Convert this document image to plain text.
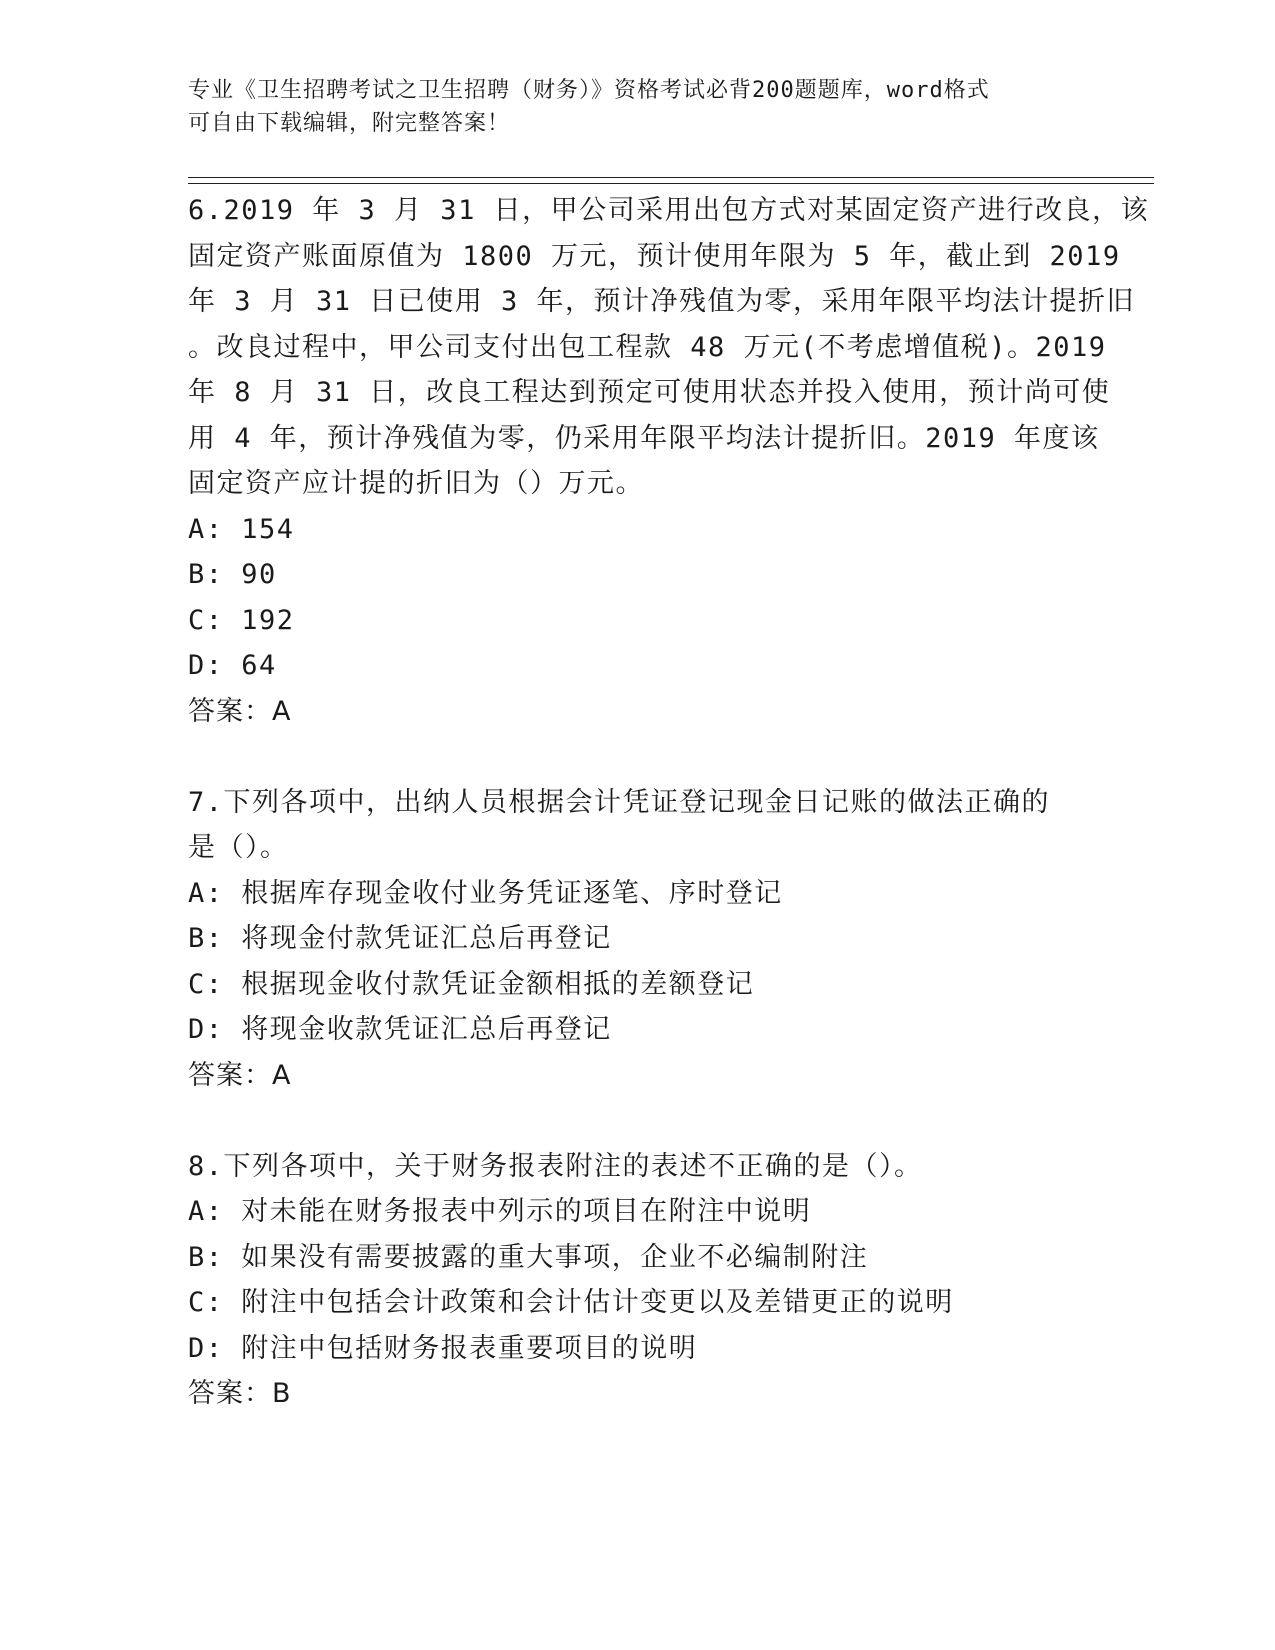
专业《卫生招聘考试之卫生招聘（财务）》资格考试必背200题题库，word格式
可自由下载编辑，附完整答案！
6.2019 年 3 月 31 日，甲公司采用出包方式对某固定资产进行改良，该
固定资产账面原值为 1800 万元，预计使用年限为 5 年，截止到 2019
年 3 月 31 日已使用 3 年，预计净残值为零，采用年限平均法计提折旧
。改良过程中，甲公司支付出包工程款 48 万元(不考虑增值税)。2019
年 8 月 31 日，改良工程达到预定可使用状态并投入使用，预计尚可使
用 4 年，预计净残值为零，仍采用年限平均法计提折旧。2019 年度该
固定资产应计提的折旧为（）万元。
A: 154
B: 90
C: 192
D: 64
答案：A
7.下列各项中，出纳人员根据会计凭证登记现金日记账的做法正确的
是（）。
A: 根据库存现金收付业务凭证逐笔、序时登记
B: 将现金付款凭证汇总后再登记
C: 根据现金收付款凭证金额相抵的差额登记
D: 将现金收款凭证汇总后再登记
答案：A
8.下列各项中，关于财务报表附注的表述不正确的是（）。
A: 对未能在财务报表中列示的项目在附注中说明
B: 如果没有需要披露的重大事项，企业不必编制附注
C: 附注中包括会计政策和会计估计变更以及差错更正的说明
D: 附注中包括财务报表重要项目的说明
答案：B
